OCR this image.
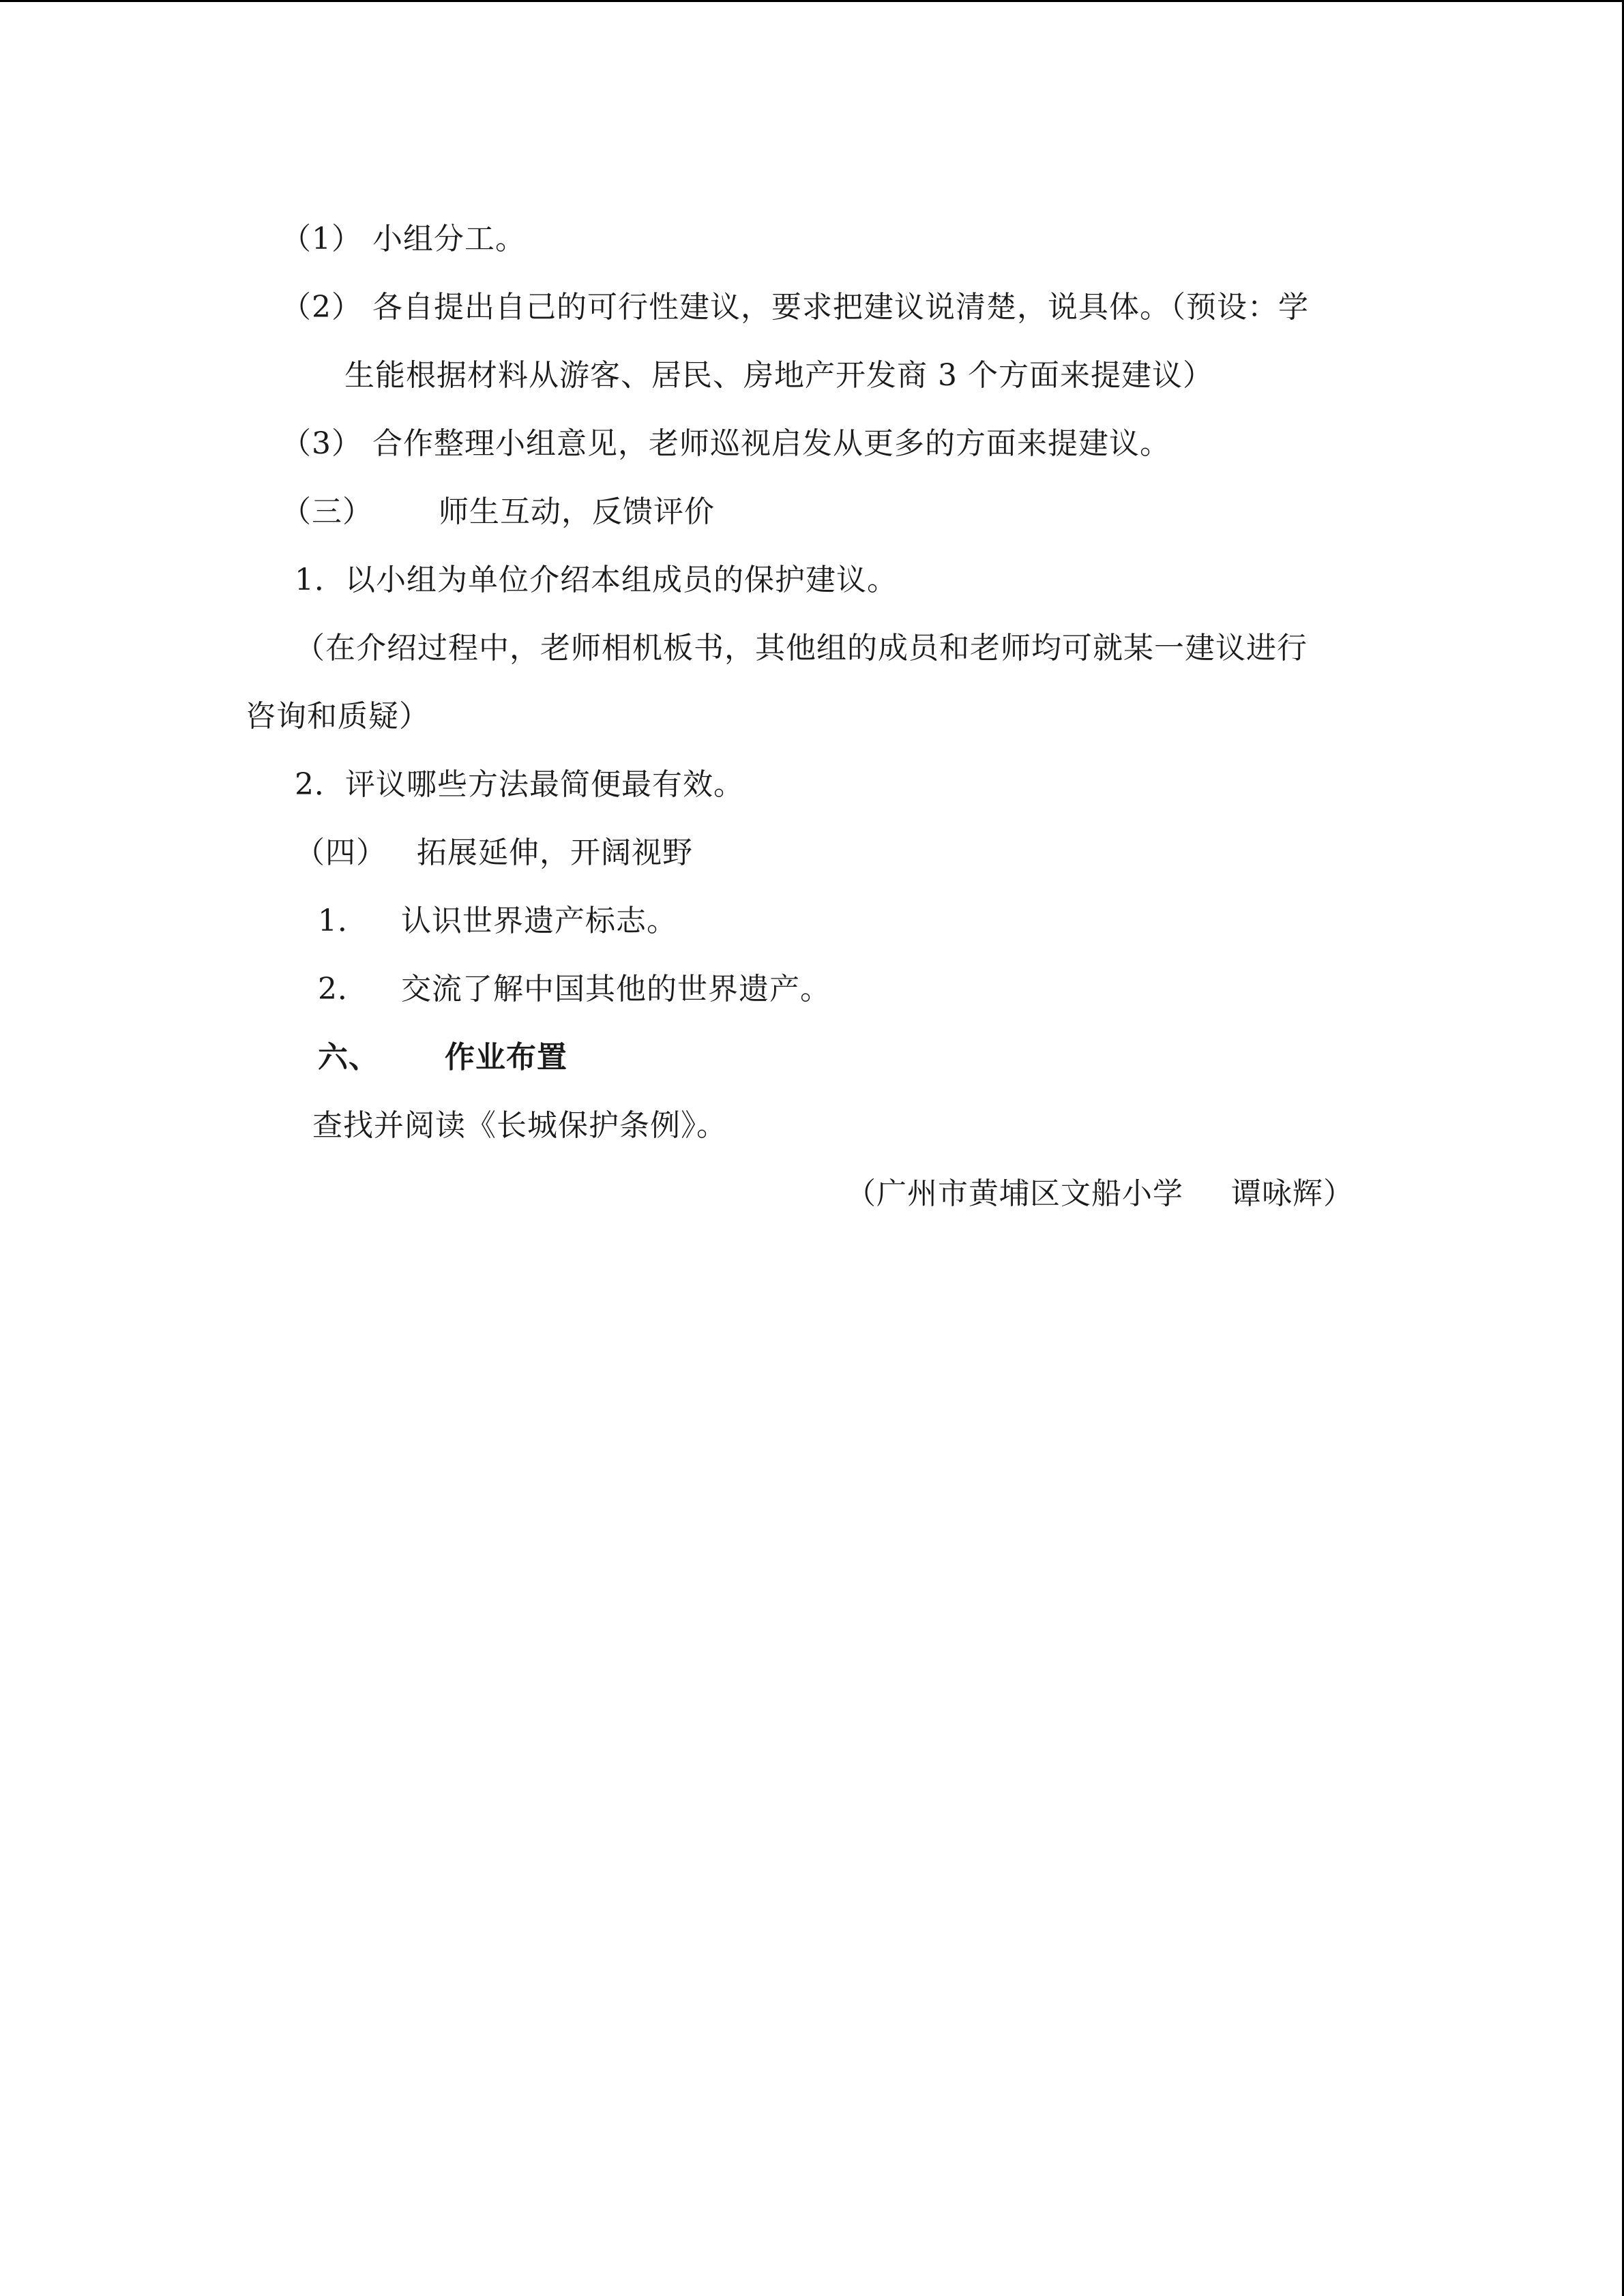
（1） 小组分工。
（2） 各自提出自己的可行性建议，要求把建议说清楚，说具体。（预设：学
生能根据材料从游客、居民、房地产开发商 3 个方面来提建议）
（3） 合作整理小组意见，老师巡视启发从更多的方面来提建议。
（三） 师生互动，反馈评价
1．以小组为单位介绍本组成员的保护建议。
（在介绍过程中，老师相机板书，其他组的成员和老师均可就某一建议进行
咨询和质疑）
2．评议哪些方法最简便最有效。
（四） 拓展延伸，开阔视野
1． 认识世界遗产标志。
2． 交流了解中国其他的世界遗产。
六、 作业布置
查找并阅读《长城保护条例》。
（广州市黄埔区文船小学 谭咏辉）
